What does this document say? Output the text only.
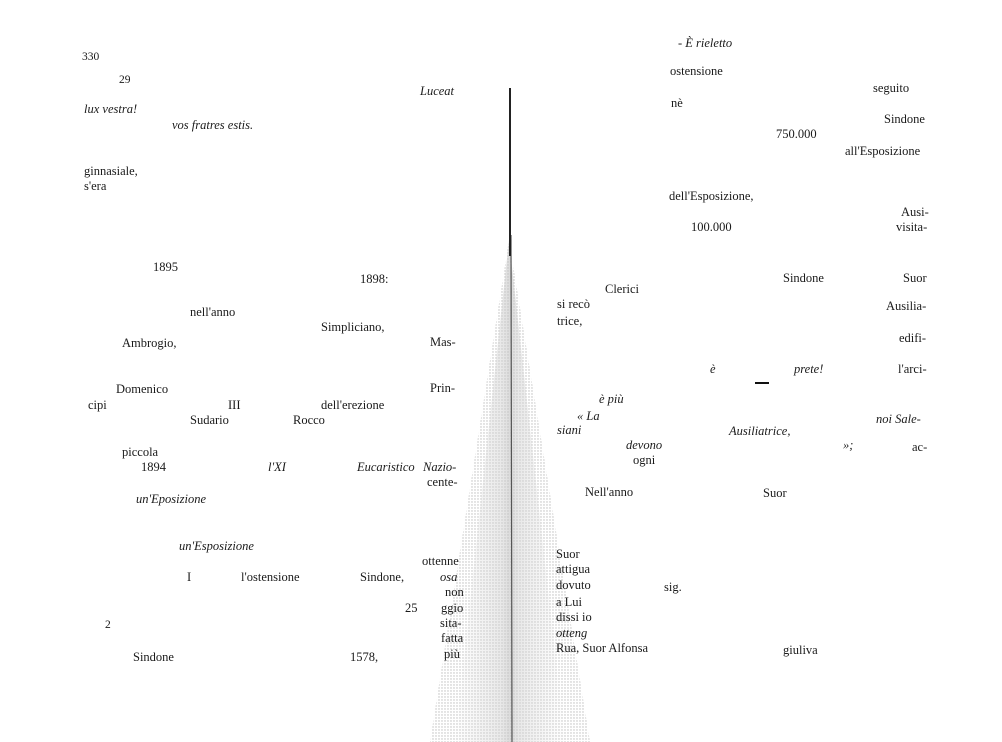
330
29
Luceat
lux vestra!
vos fratres estis.
ginnasiale,
s'era
1895
1898:
nell'anno
Simpliciano,
Ambrogio,	Mas-
Domenico	Prin-
cipi	III	dell'erezione
Sudario	Rocco
piccola
1894	l'XI	Eucaristico Nazio-
cente-
un'Eposizione
un'Esposizione
ottenne
I	l'ostensione	Sindone,	osa
non
25 ggio
2	sita-
fatta
Sindone	1578,	più
- È rieletto
ostensione
seguito
nè
Sindone
750.000
all'Esposizione
dell'Esposizione,
Ausi-
100.000	visita-
Sindone	Suor
Clerici
si recò	Ausilia-
trice,
edifi-
è	prete!	l'arci-
è più
« La
siani	Ausiliatrice,
noi Sale-
devono	»;	ac-
ogni
Nell'anno	Suor
Suor
attigua
dovuto	sig.
a Lui
dissi io
otteng
Rua, Suor Alfonsa	giuliva
